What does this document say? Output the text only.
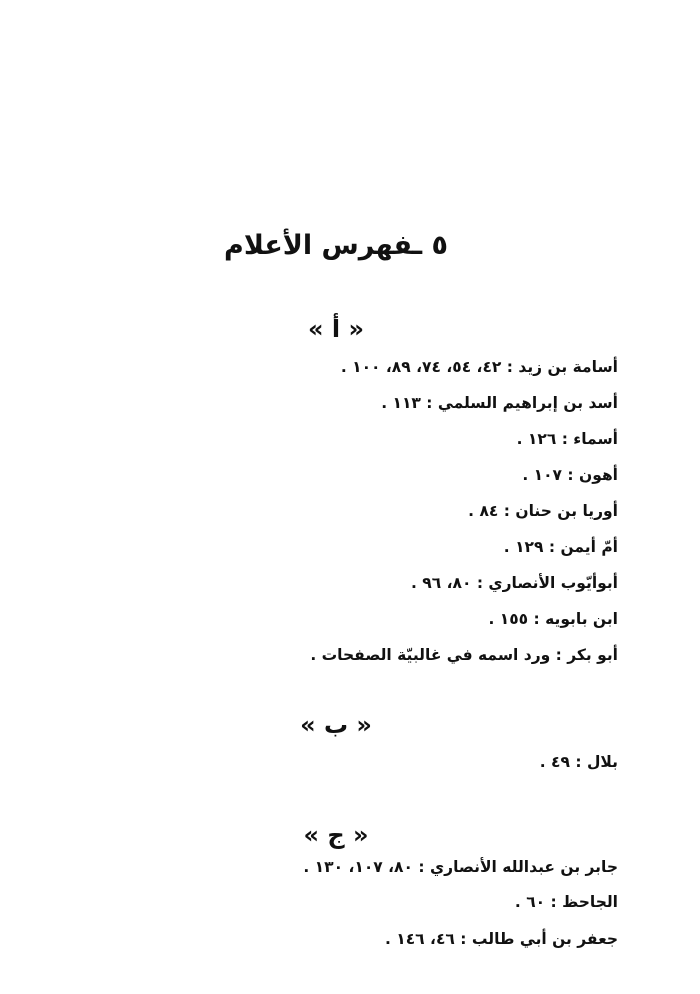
٥ ـفهرس الأعلام
« أ »
أسامة بن زيد : ٤٢، ٥٤، ٧٤، ٨٩، ١٠٠ .
أسد بن إبراهيم السلمي : ١١٣ .
أسماء : ١٢٦ .
أهون : ١٠٧ .
أوريا بن حنان : ٨٤ .
أمّ أيمن : ١٢٩ .
أبوأيّوب الأنصاري : ٨٠، ٩٦ .
ابن بابويه : ١٥٥ .
أبو بكر : ورد اسمه في غالبيّة الصفحات .
« ب »
بلال : ٤٩ .
« ج »
جابر بن عبدالله الأنصاري : ٨٠، ١٠٧، ١٣٠ .
الجاحظ : ٦٠ .
جعفر بن أبي طالب : ٤٦، ١٤٦ .
